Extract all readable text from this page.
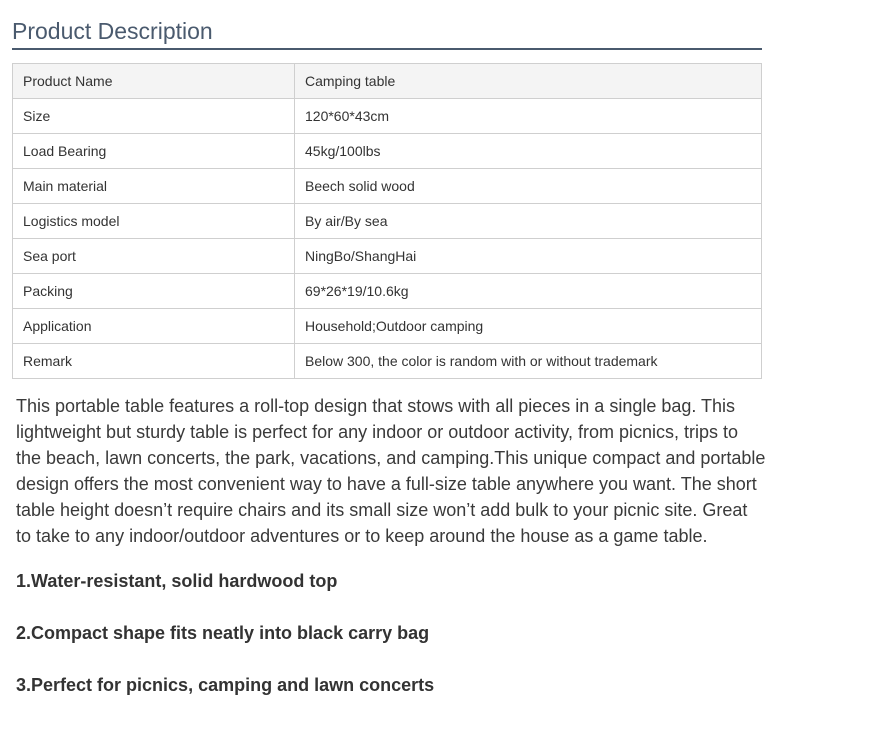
Product Description
Product Name	Camping table
Size	120*60*43cm
Load Bearing	45kg/100lbs
Main material	Beech solid wood
Logistics model	By air/By sea
Sea port	NingBo/ShangHai
Packing	69*26*19/10.6kg
Application	Household;Outdoor camping
Remark	Below 300, the color is random with or without trademark

This portable table features a roll-top design that stows with all pieces in a single bag. This lightweight but sturdy table is perfect for any indoor or outdoor activity, from picnics, trips to the beach, lawn concerts, the park, vacations, and camping.This unique compact and portable design offers the most convenient way to have a full-size table anywhere you want. The short table height doesn’t require chairs and its small size won’t add bulk to your picnic site. Great to take to any indoor/outdoor adventures or to keep around the house as a game table.

1.Water-resistant, solid hardwood top

2.Compact shape fits neatly into black carry bag

3.Perfect for picnics, camping and lawn concerts
